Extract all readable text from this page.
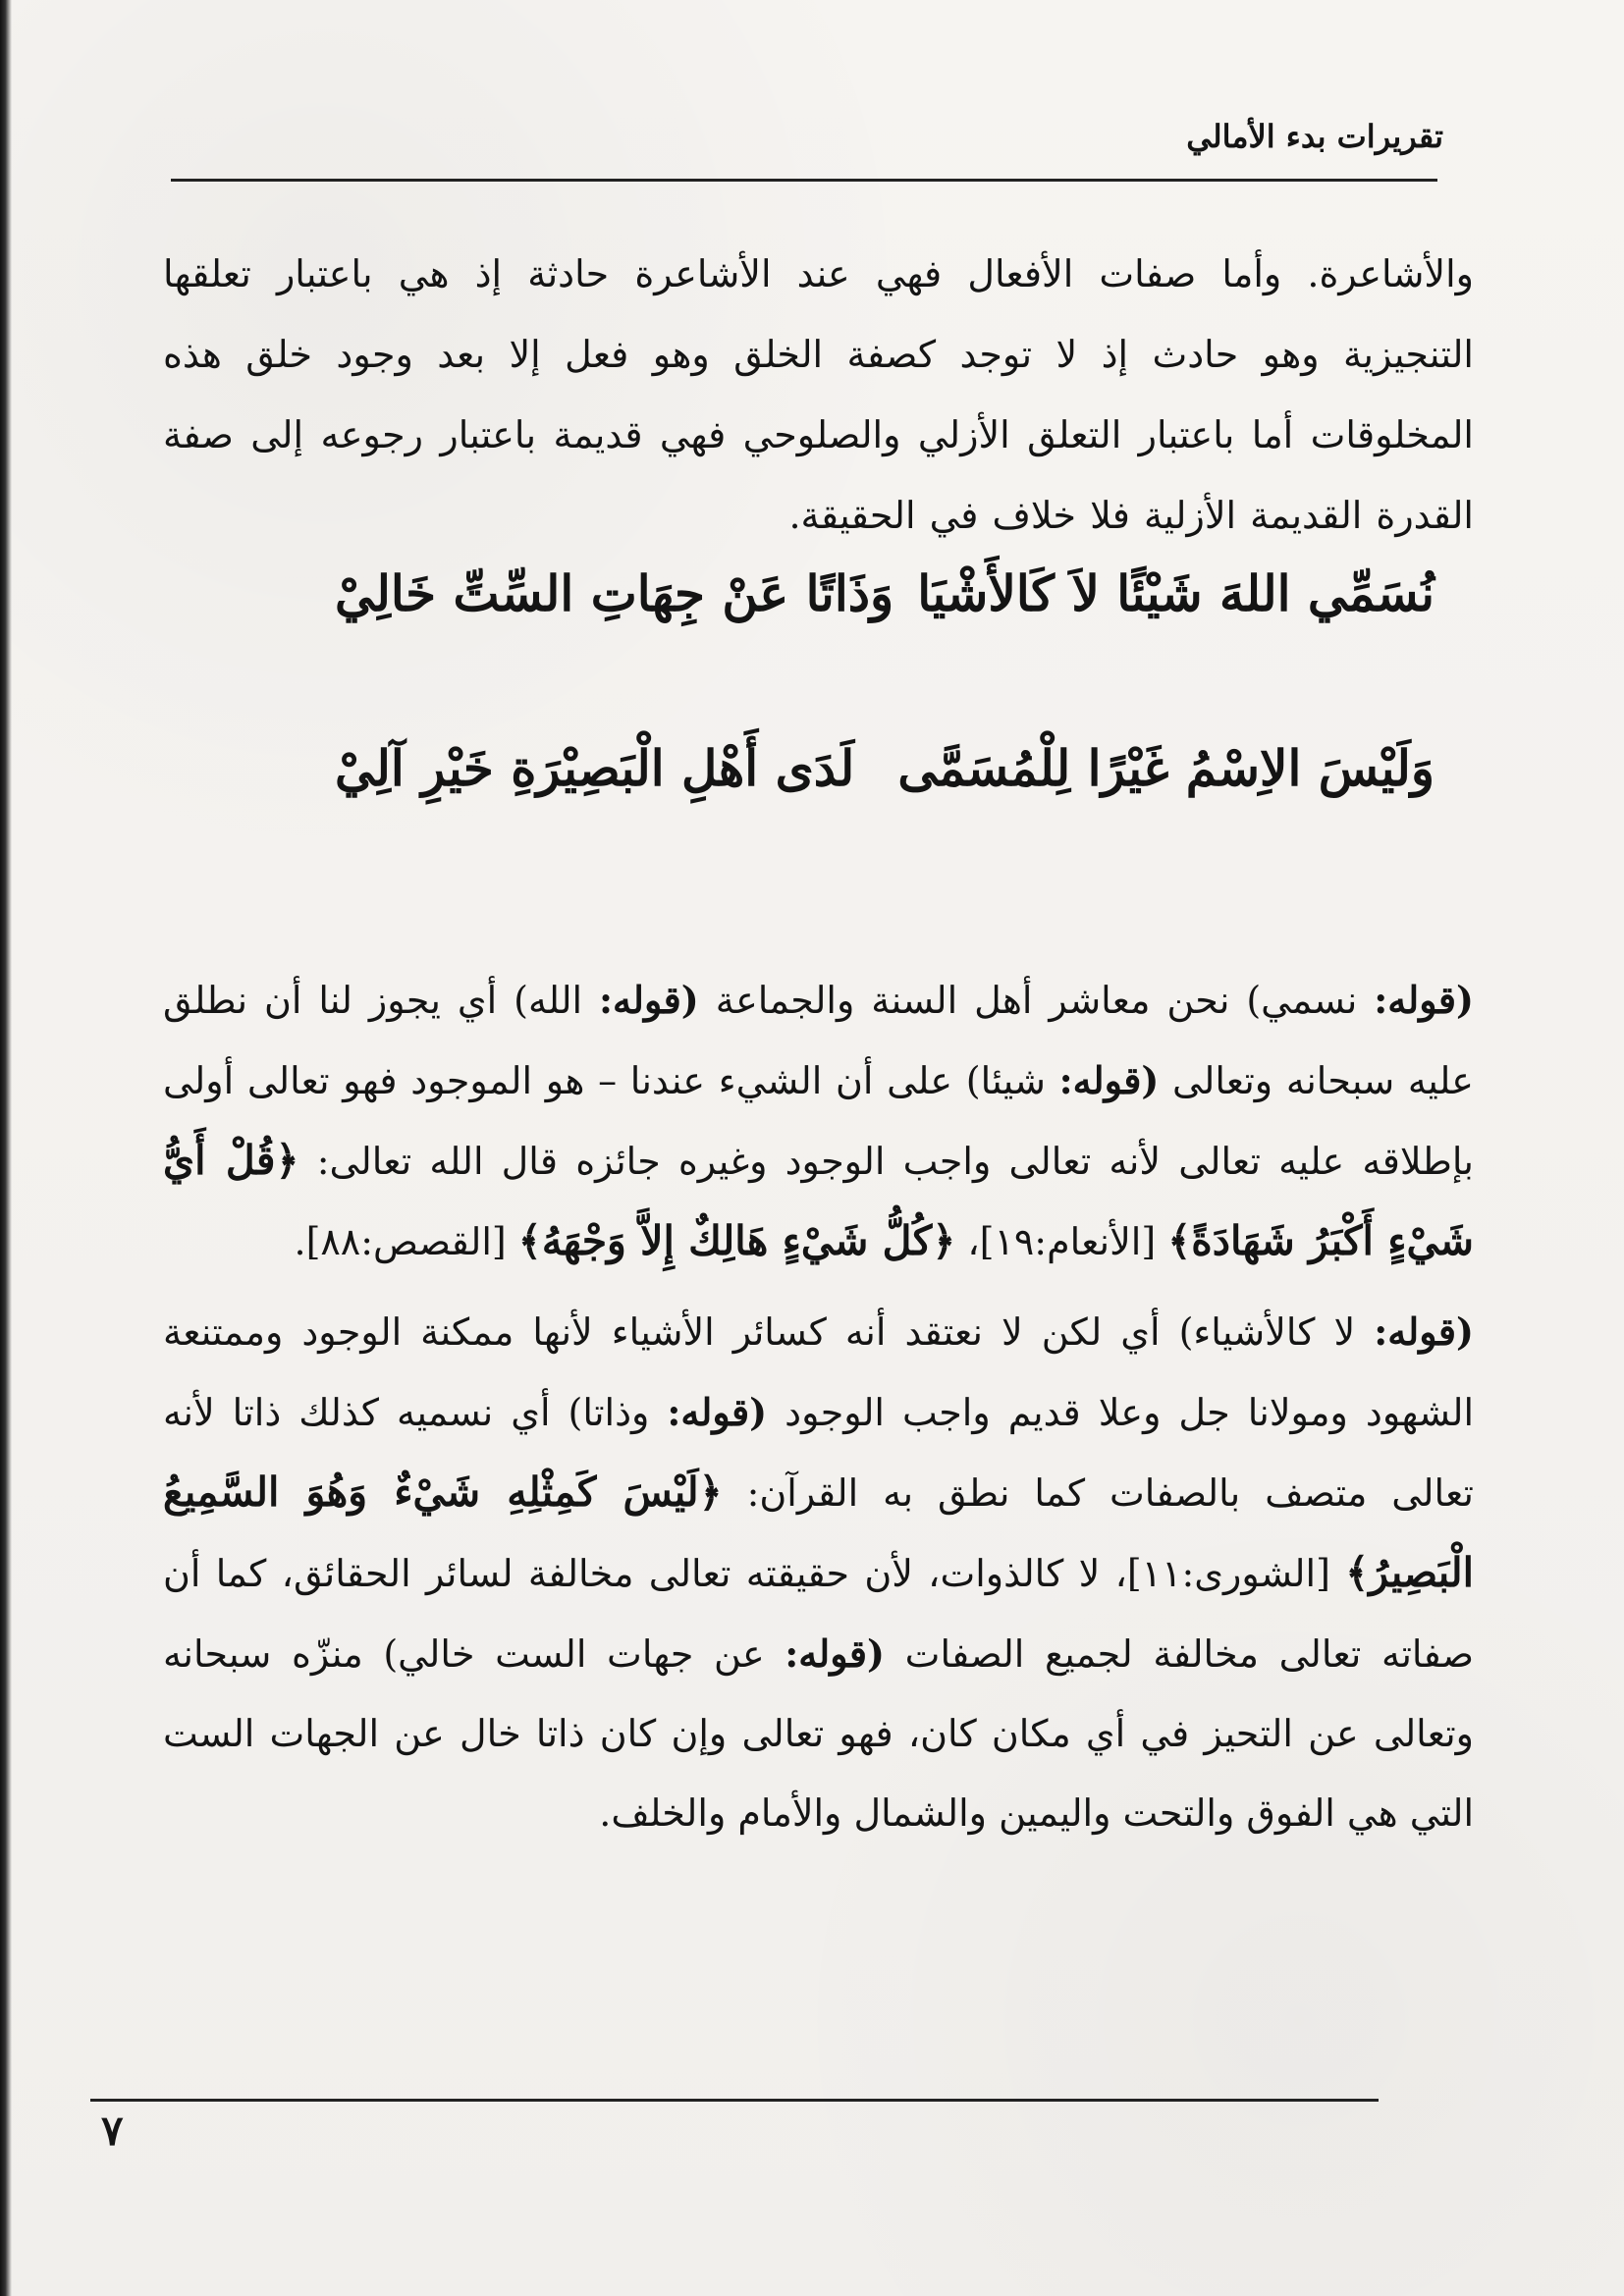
تقريرات بدء الأمالي

والأشاعرة. وأما صفات الأفعال فهي عند الأشاعرة حادثة إذ هي باعتبار تعلقها التنجيزية وهو حادث إذ لا توجد كصفة الخلق وهو فعل إلا بعد وجود خلق هذه المخلوقات أما باعتبار التعلق الأزلي والصلوحي فهي قديمة باعتبار رجوعه إلى صفة القدرة القديمة الأزلية فلا خلاف في الحقيقة.

نُسَمِّي اللهَ شَيْئًا لاَ كَالأَشْيَا
وَذَاتًا عَنْ جِهَاتِ السِّتِّ خَالِيْ
وَلَيْسَ الاِسْمُ غَيْرًا لِلْمُسَمَّى
لَدَى أَهْلِ الْبَصِيْرَةِ خَيْرِ آلِيْ

(قوله: نسمي) نحن معاشر أهل السنة والجماعة (قوله: الله) أي يجوز لنا أن نطلق عليه سبحانه وتعالى (قوله: شيئا) على أن الشيء عندنا – هو الموجود فهو تعالى أولى بإطلاقه عليه تعالى لأنه تعالى واجب الوجود وغيره جائزه قال الله تعالى: ﴿قُلْ أَيُّ شَيْءٍ أَكْبَرُ شَهَادَةً﴾ [الأنعام:١٩]، ﴿كُلُّ شَيْءٍ هَالِكٌ إِلاَّ وَجْهَهُ﴾ [القصص:٨٨].

(قوله: لا كالأشياء) أي لكن لا نعتقد أنه كسائر الأشياء لأنها ممكنة الوجود وممتنعة الشهود ومولانا جل وعلا قديم واجب الوجود (قوله: وذاتا) أي نسميه كذلك ذاتا لأنه تعالى متصف بالصفات كما نطق به القرآن: ﴿لَيْسَ كَمِثْلِهِ شَيْءٌ وَهُوَ السَّمِيعُ الْبَصِيرُ﴾ [الشورى:١١]، لا كالذوات، لأن حقيقته تعالى مخالفة لسائر الحقائق، كما أن صفاته تعالى مخالفة لجميع الصفات (قوله: عن جهات الست خالي) منزّه سبحانه وتعالى عن التحيز في أي مكان كان، فهو تعالى وإن كان ذاتا خال عن الجهات الست التي هي الفوق والتحت واليمين والشمال والأمام والخلف.

٧
